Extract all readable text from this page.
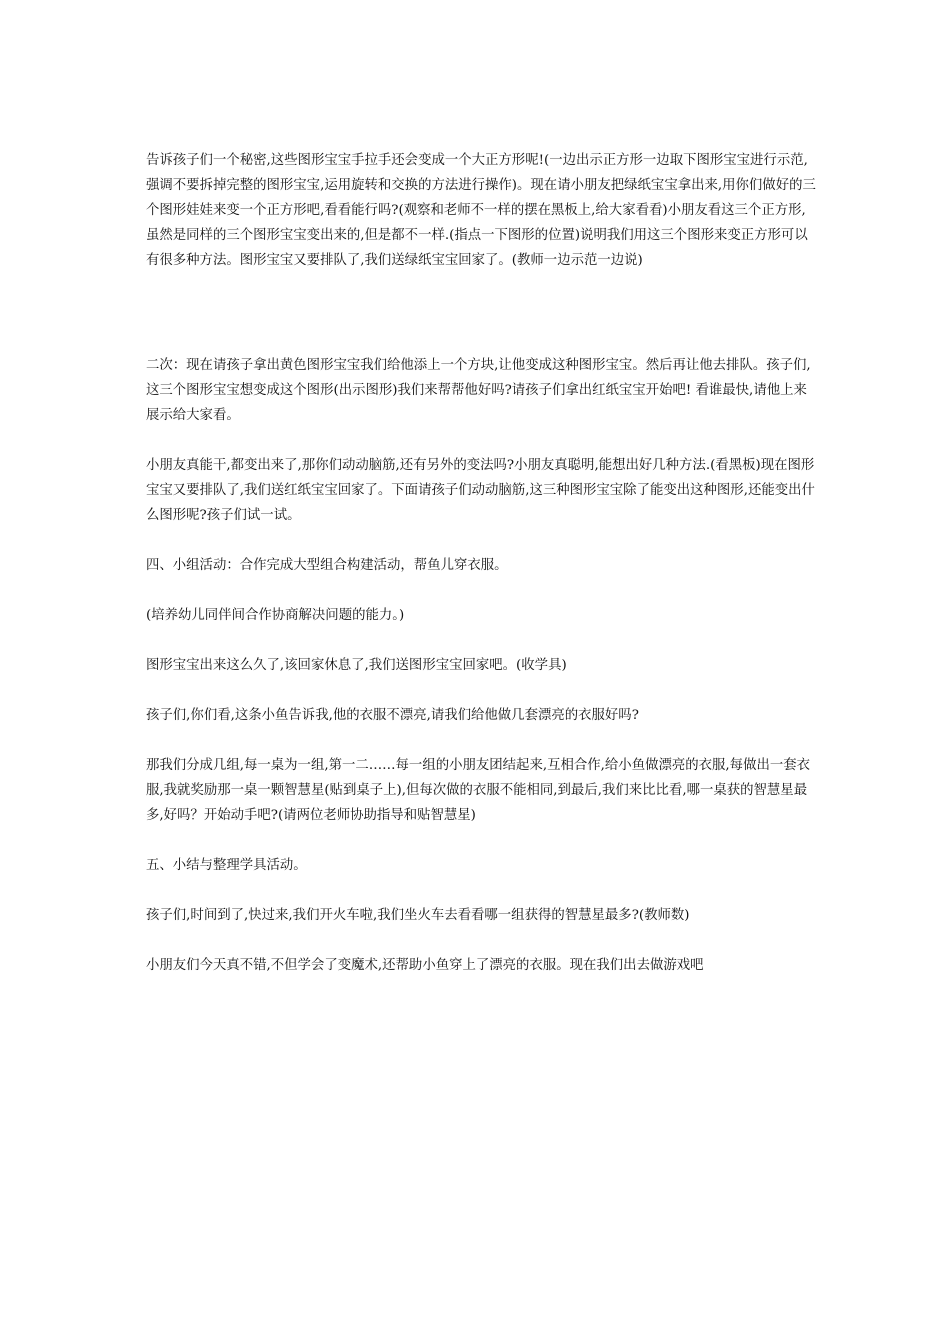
告诉孩子们一个秘密,这些图形宝宝手拉手还会变成一个大正方形呢!(一边出示正方形一边取下图形宝宝进行示范,强调不要拆掉完整的图形宝宝,运用旋转和交换的方法进行操作)。现在请小朋友把绿纸宝宝拿出来,用你们做好的三个图形娃娃来变一个正方形吧,看看能行吗?(观察和老师不一样的摆在黑板上,给大家看看)小朋友看这三个正方形,虽然是同样的三个图形宝宝变出来的,但是都不一样.(指点一下图形的位置)说明我们用这三个图形来变正方形可以有很多种方法。图形宝宝又要排队了,我们送绿纸宝宝回家了。(教师一边示范一边说)

二次：现在请孩子拿出黄色图形宝宝我们给他添上一个方块,让他变成这种图形宝宝。然后再让他去排队。孩子们,这三个图形宝宝想变成这个图形(出示图形)我们来帮帮他好吗?请孩子们拿出红纸宝宝开始吧! 看谁最快,请他上来展示给大家看。

小朋友真能干,都变出来了,那你们动动脑筋,还有另外的变法吗?小朋友真聪明,能想出好几种方法.(看黑板)现在图形宝宝又要排队了,我们送红纸宝宝回家了。下面请孩子们动动脑筋,这三种图形宝宝除了能变出这种图形,还能变出什么图形呢?孩子们试一试。

四、小组活动：合作完成大型组合构建活动，帮鱼儿穿衣服。

(培养幼儿同伴间合作协商解决问题的能力。)

图形宝宝出来这么久了,该回家休息了,我们送图形宝宝回家吧。(收学具)

孩子们,你们看,这条小鱼告诉我,他的衣服不漂亮,请我们给他做几套漂亮的衣服好吗?

那我们分成几组,每一桌为一组,第一二……每一组的小朋友团结起来,互相合作,给小鱼做漂亮的衣服,每做出一套衣服,我就奖励那一桌一颗智慧星(贴到桌子上),但每次做的衣服不能相同,到最后,我们来比比看,哪一桌获的智慧星最多,好吗？开始动手吧?(请两位老师协助指导和贴智慧星)

五、小结与整理学具活动。

孩子们,时间到了,快过来,我们开火车啦,我们坐火车去看看哪一组获得的智慧星最多?(教师数)

小朋友们今天真不错,不但学会了变魔术,还帮助小鱼穿上了漂亮的衣服。现在我们出去做游戏吧
